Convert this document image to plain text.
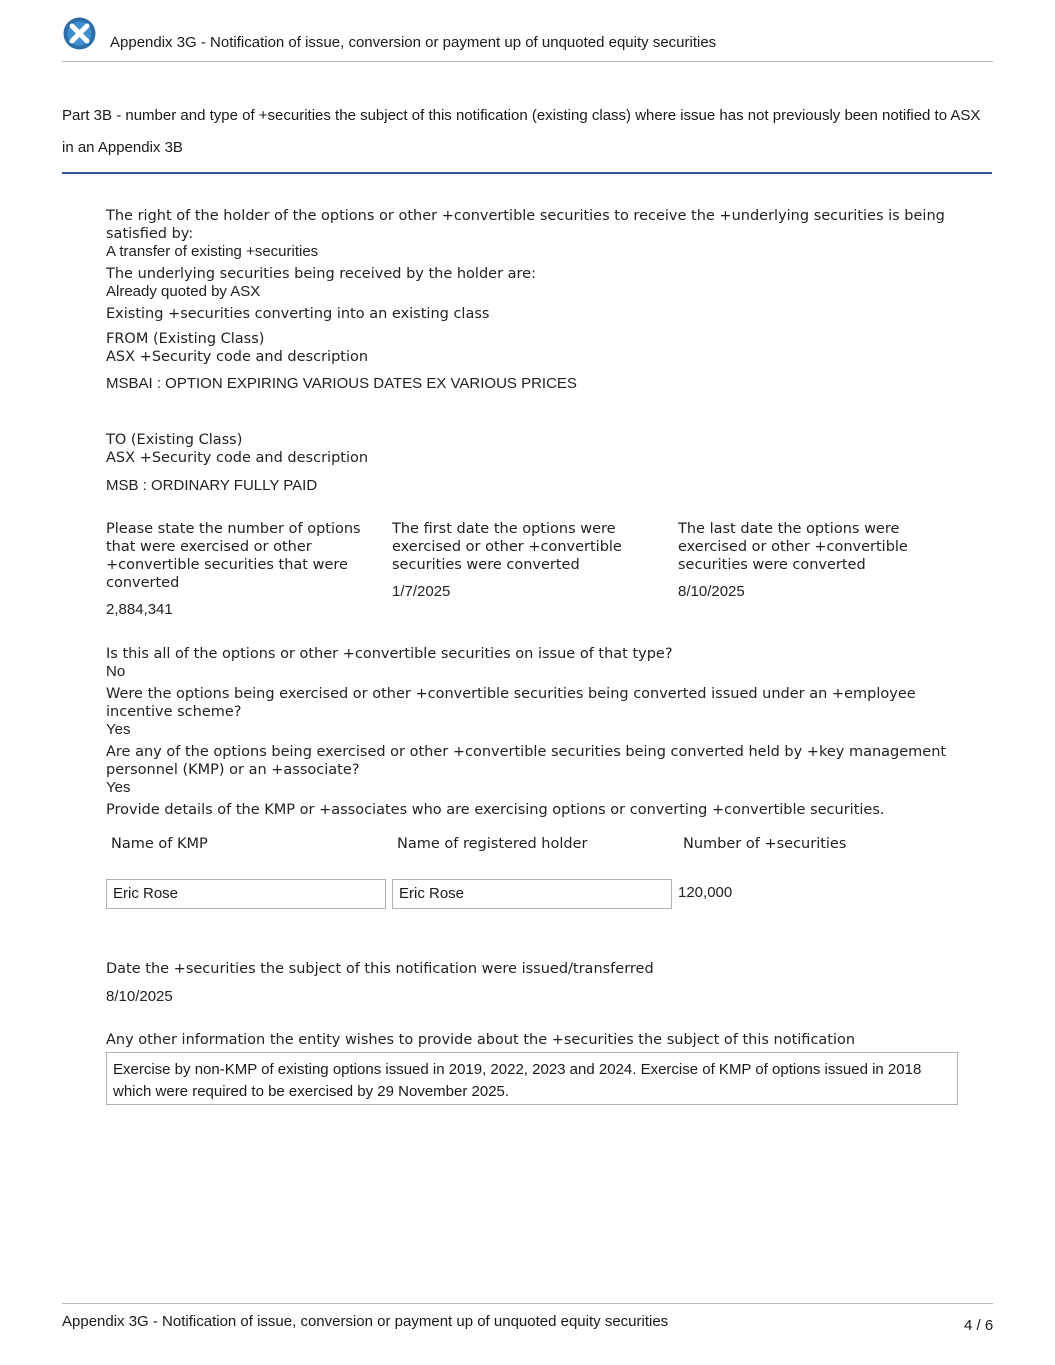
Appendix 3G - Notification of issue, conversion or payment up of unquoted equity securities
Part 3B - number and type of +securities the subject of this notification (existing class) where issue has not previously been notified to ASX in an Appendix 3B
The right of the holder of the options or other +convertible securities to receive the +underlying securities is being satisfied by:
A transfer of existing +securities
The underlying securities being received by the holder are:
Already quoted by ASX
Existing +securities converting into an existing class
FROM (Existing Class)
ASX +Security code and description
MSBAI : OPTION EXPIRING VARIOUS DATES EX VARIOUS PRICES
TO (Existing Class)
ASX +Security code and description
MSB : ORDINARY FULLY PAID
Please state the number of options that were exercised or other +convertible securities that were converted
2,884,341
The first date the options were exercised or other +convertible securities were converted
1/7/2025
The last date the options were exercised or other +convertible securities were converted
8/10/2025
Is this all of the options or other +convertible securities on issue of that type?
No
Were the options being exercised or other +convertible securities being converted issued under an +employee incentive scheme?
Yes
Are any of the options being exercised or other +convertible securities being converted held by +key management personnel (KMP) or an +associate?
Yes
Provide details of the KMP or +associates who are exercising options or converting +convertible securities.
Name of KMP	Name of registered holder	Number of +securities
Eric Rose	Eric Rose	120,000
Date the +securities the subject of this notification were issued/transferred
8/10/2025
Any other information the entity wishes to provide about the +securities the subject of this notification
Exercise by non-KMP of existing options issued in 2019, 2022, 2023 and 2024. Exercise of KMP of options issued in 2018 which were required to be exercised by 29 November 2025.
Appendix 3G - Notification of issue, conversion or payment up of unquoted equity securities	4 / 6
